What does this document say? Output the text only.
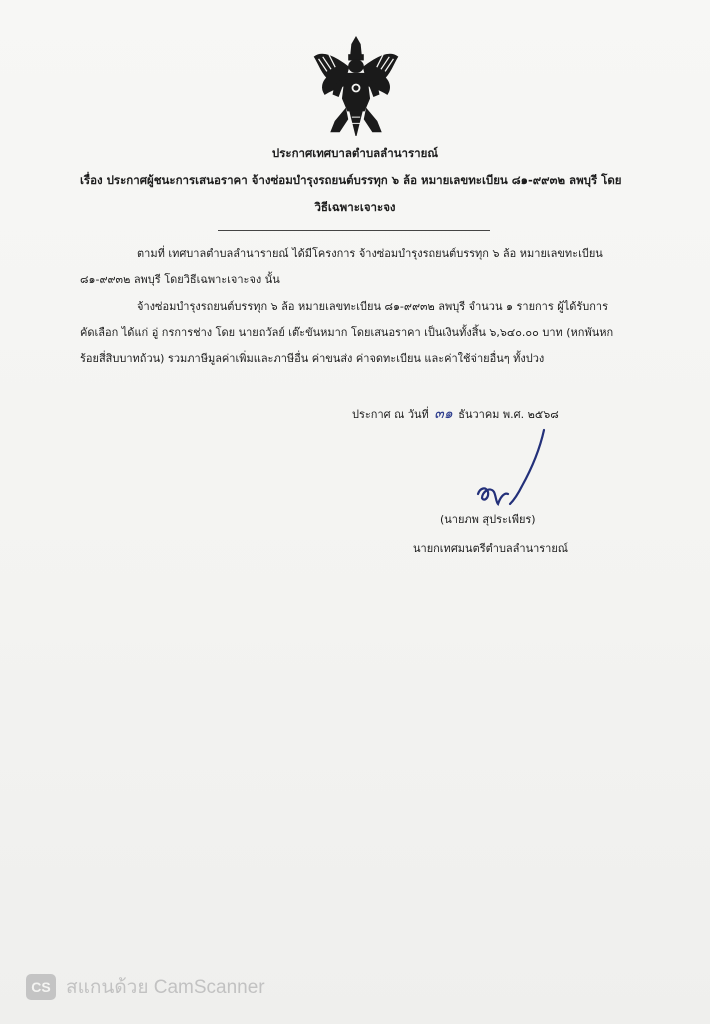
ประกาศเทศบาลตำบลลำนารายณ์
เรื่อง ประกาศผู้ชนะการเสนอราคา จ้างซ่อมบำรุงรถยนต์บรรทุก ๖ ล้อ หมายเลขทะเบียน ๘๑-๙๙๓๒ ลพบุรี โดย
วิธีเฉพาะเจาะจง
ตามที่ เทศบาลตำบลลำนารายณ์ ได้มีโครงการ จ้างซ่อมบำรุงรถยนต์บรรทุก ๖ ล้อ หมายเลขทะเบียน
๘๑-๙๙๓๒ ลพบุรี โดยวิธีเฉพาะเจาะจง นั้น
จ้างซ่อมบำรุงรถยนต์บรรทุก ๖ ล้อ หมายเลขทะเบียน ๘๑-๙๙๓๒ ลพบุรี จำนวน ๑ รายการ ผู้ได้รับการ
คัดเลือก ได้แก่ อู่ กรการช่าง โดย นายถวัลย์ เต๊ะขันหมาก โดยเสนอราคา เป็นเงินทั้งสิ้น ๖,๖๔๐.๐๐ บาท (หกพันหก
ร้อยสี่สิบบาทถ้วน) รวมภาษีมูลค่าเพิ่มและภาษีอื่น ค่าขนส่ง ค่าจดทะเบียน และค่าใช้จ่ายอื่นๆ ทั้งปวง
ประกาศ ณ วันที่ ๓๑ ธันวาคม พ.ศ. ๒๕๖๘
(นายภพ สุประเพียร)
นายกเทศมนตรีตำบลลำนารายณ์
CS สแกนด้วย CamScanner
